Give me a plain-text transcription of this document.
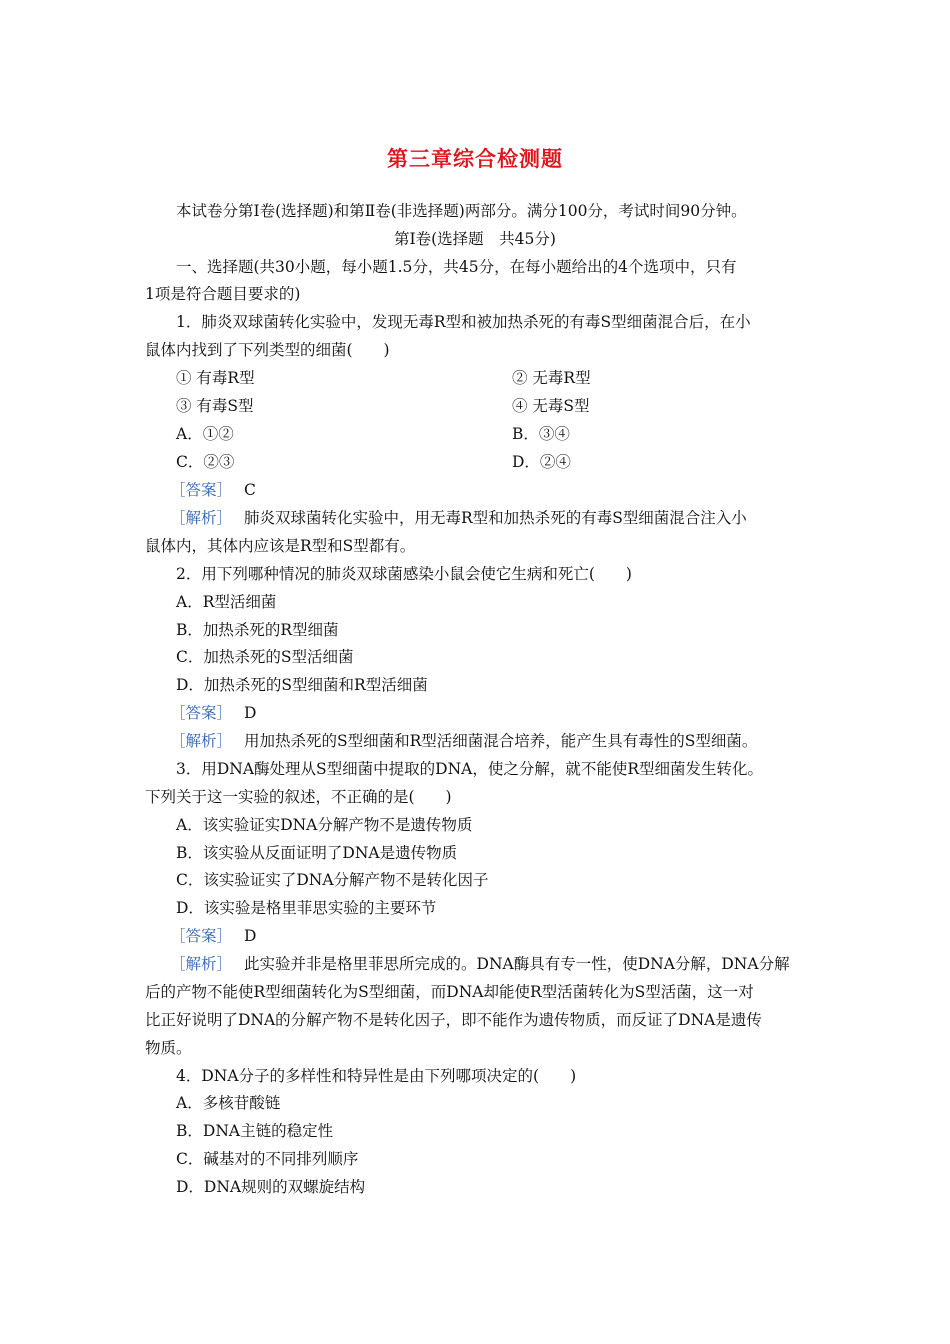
第三章综合检测题
本试卷分第Ⅰ卷(选择题)和第Ⅱ卷(非选择题)两部分。满分100分，考试时间90分钟。
第Ⅰ卷(选择题　共45分)
一、选择题(共30小题，每小题1.5分，共45分，在每小题给出的4个选项中，只有
1项是符合题目要求的)
1．肺炎双球菌转化实验中，发现无毒R型和被加热杀死的有毒S型细菌混合后，在小
鼠体内找到了下列类型的细菌(　　)
① 有毒R型	② 无毒R型
③ 有毒S型	④ 无毒S型
A．①②	B．③④
C．②③	D．②④
［答案］ C
［解析］ 肺炎双球菌转化实验中，用无毒R型和加热杀死的有毒S型细菌混合注入小
鼠体内，其体内应该是R型和S型都有。
2．用下列哪种情况的肺炎双球菌感染小鼠会使它生病和死亡(　　)
A．R型活细菌
B．加热杀死的R型细菌
C．加热杀死的S型活细菌
D．加热杀死的S型细菌和R型活细菌
［答案］ D
［解析］ 用加热杀死的S型细菌和R型活细菌混合培养，能产生具有毒性的S型细菌。
3．用DNA酶处理从S型细菌中提取的DNA，使之分解，就不能使R型细菌发生转化。
下列关于这一实验的叙述，不正确的是(　　)
A．该实验证实DNA分解产物不是遗传物质
B．该实验从反面证明了DNA是遗传物质
C．该实验证实了DNA分解产物不是转化因子
D．该实验是格里菲思实验的主要环节
［答案］ D
［解析］ 此实验并非是格里菲思所完成的。DNA酶具有专一性，使DNA分解，DNA分解
后的产物不能使R型细菌转化为S型细菌，而DNA却能使R型活菌转化为S型活菌，这一对
比正好说明了DNA的分解产物不是转化因子，即不能作为遗传物质，而反证了DNA是遗传
物质。
4．DNA分子的多样性和特异性是由下列哪项决定的(　　)
A．多核苷酸链
B．DNA主链的稳定性
C．碱基对的不同排列顺序
D．DNA规则的双螺旋结构
